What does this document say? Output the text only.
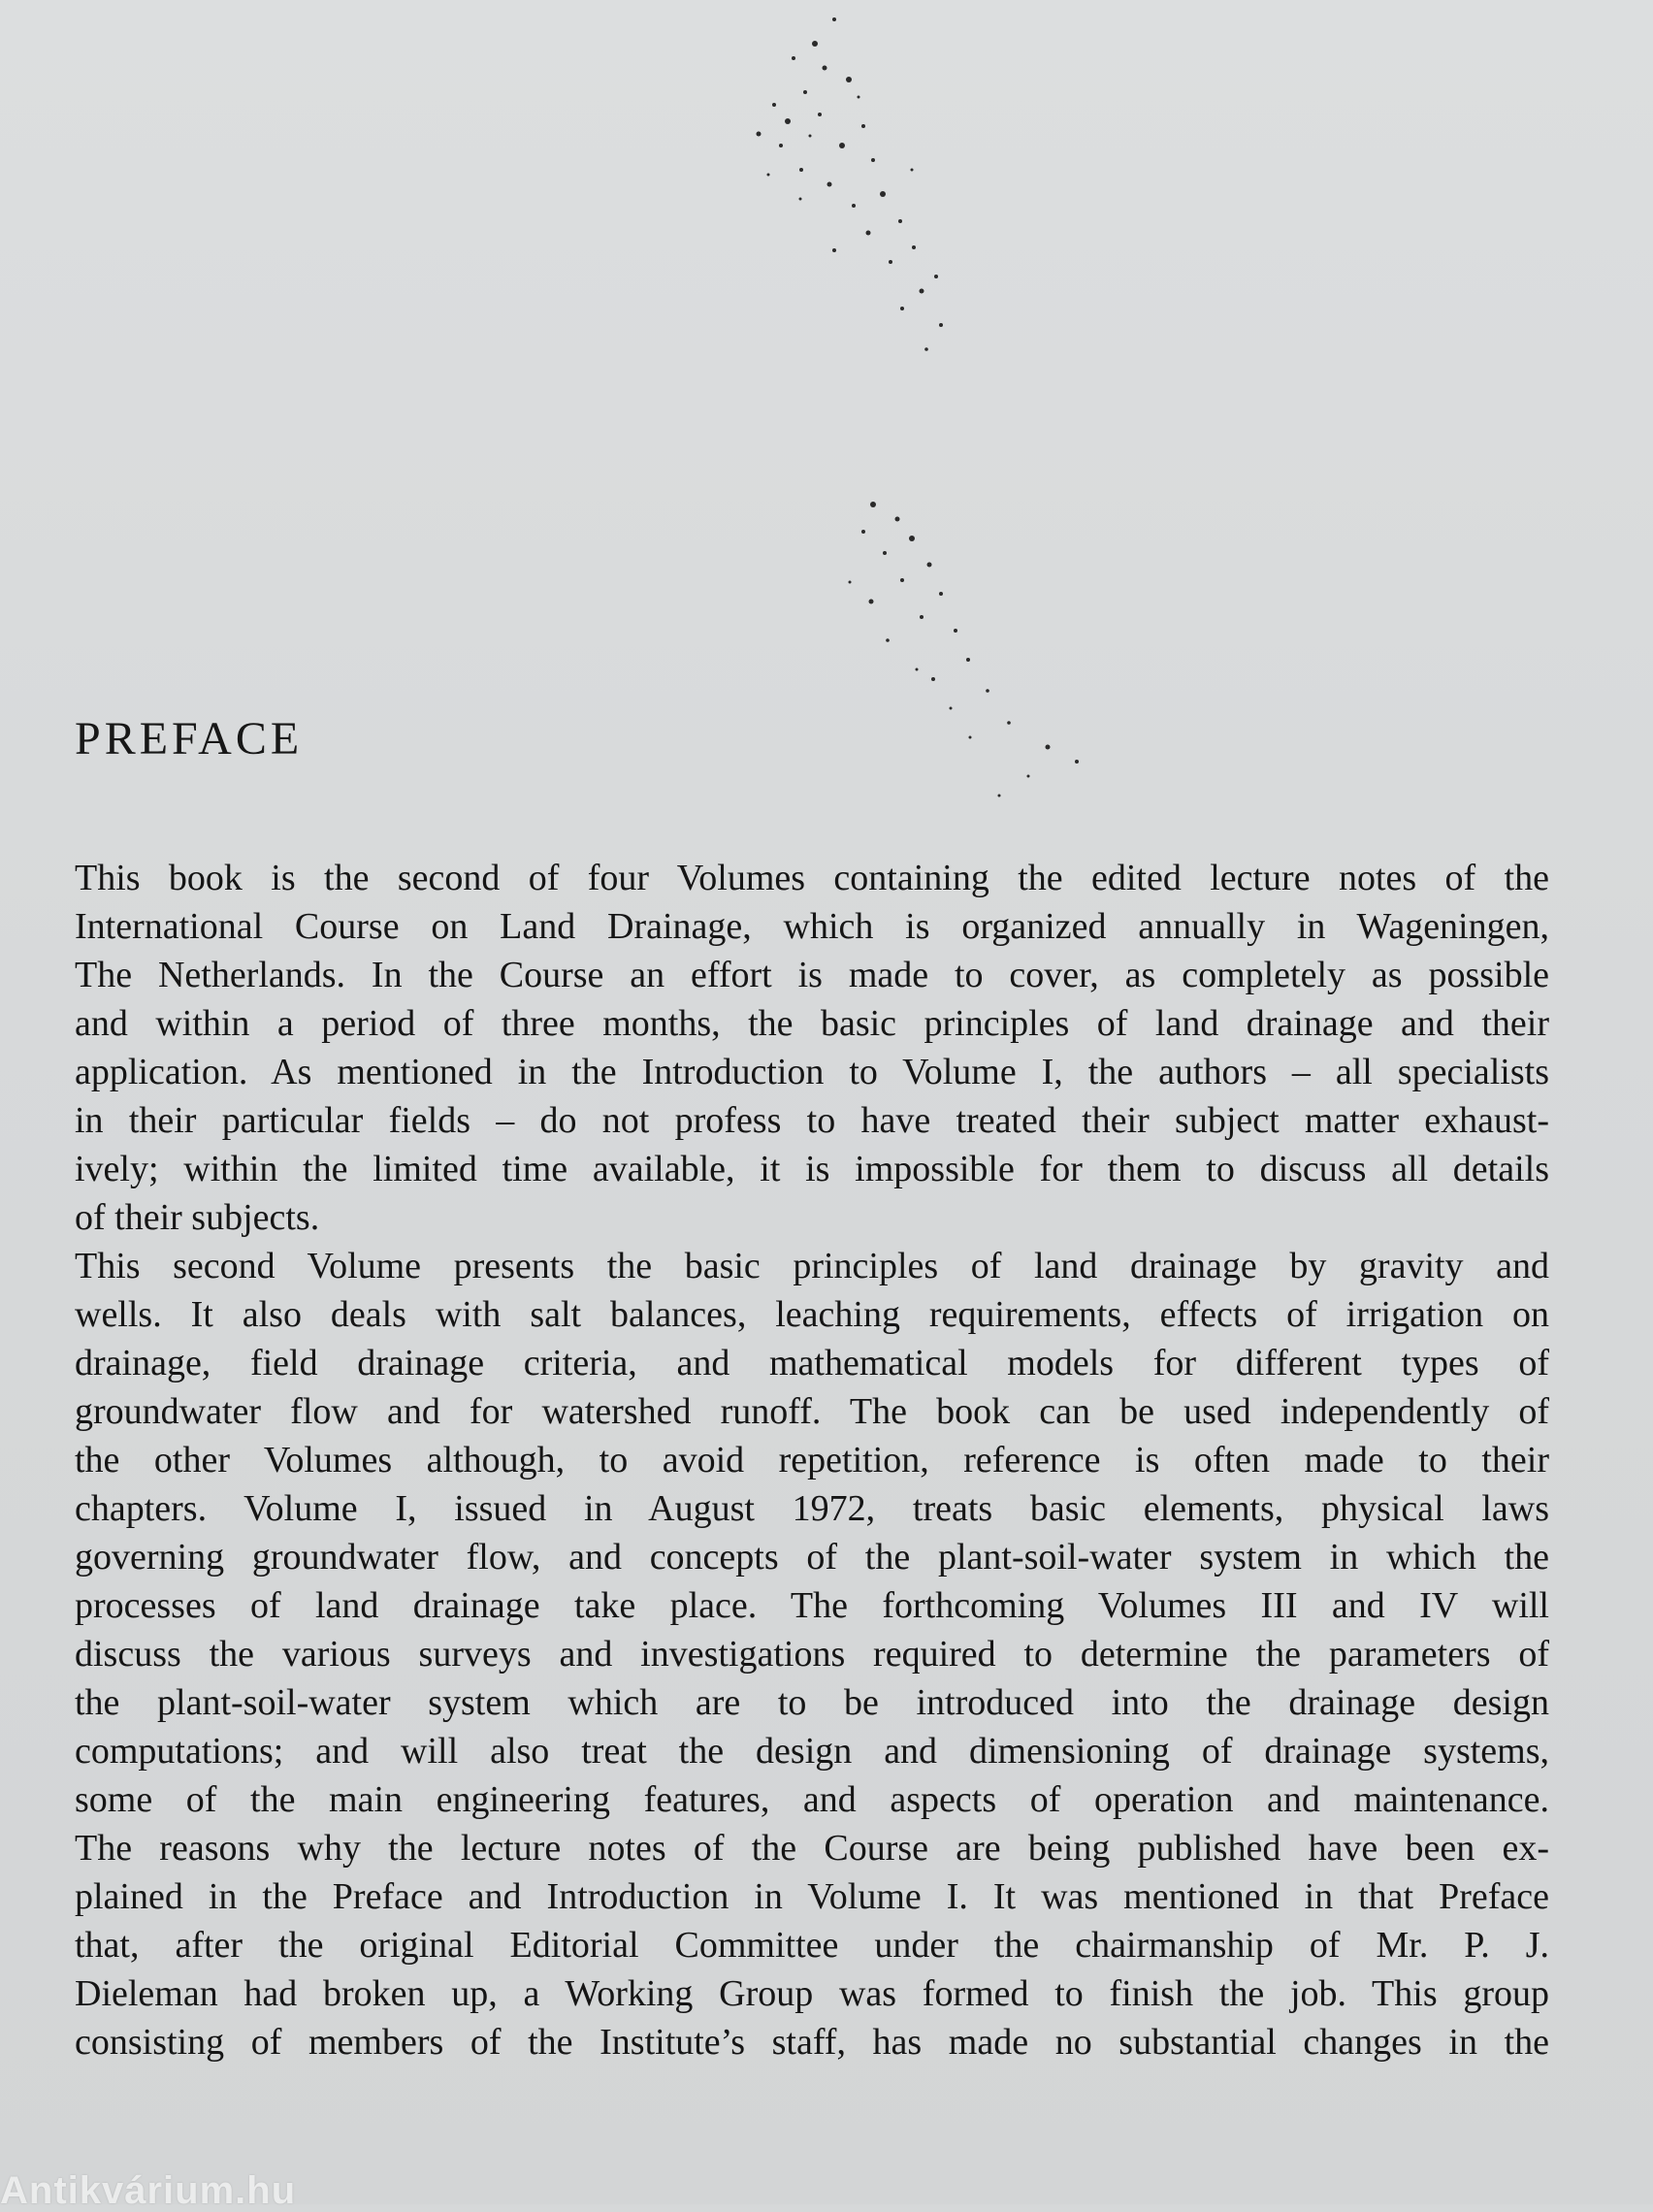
PREFACE

This book is the second of four Volumes containing the edited lecture notes of the
International Course on Land Drainage, which is organized annually in Wageningen,
The Netherlands. In the Course an effort is made to cover, as completely as possible
and within a period of three months, the basic principles of land drainage and their
application. As mentioned in the Introduction to Volume I, the authors – all specialists
in their particular fields – do not profess to have treated their subject matter exhaust-
ively; within the limited time available, it is impossible for them to discuss all details
of their subjects.

This second Volume presents the basic principles of land drainage by gravity and
wells. It also deals with salt balances, leaching requirements, effects of irrigation on
drainage, field drainage criteria, and mathematical models for different types of
groundwater flow and for watershed runoff. The book can be used independently of
the other Volumes although, to avoid repetition, reference is often made to their
chapters. Volume I, issued in August 1972, treats basic elements, physical laws
governing groundwater flow, and concepts of the plant-soil-water system in which the
processes of land drainage take place. The forthcoming Volumes III and IV will
discuss the various surveys and investigations required to determine the parameters of
the plant-soil-water system which are to be introduced into the drainage design
computations; and will also treat the design and dimensioning of drainage systems,
some of the main engineering features, and aspects of operation and maintenance.
The reasons why the lecture notes of the Course are being published have been ex-
plained in the Preface and Introduction in Volume I. It was mentioned in that Preface
that, after the original Editorial Committee under the chairmanship of Mr. P. J.
Dieleman had broken up, a Working Group was formed to finish the job. This group
consisting of members of the Institute’s staff, has made no substantial changes in the

Antikvárium.hu
